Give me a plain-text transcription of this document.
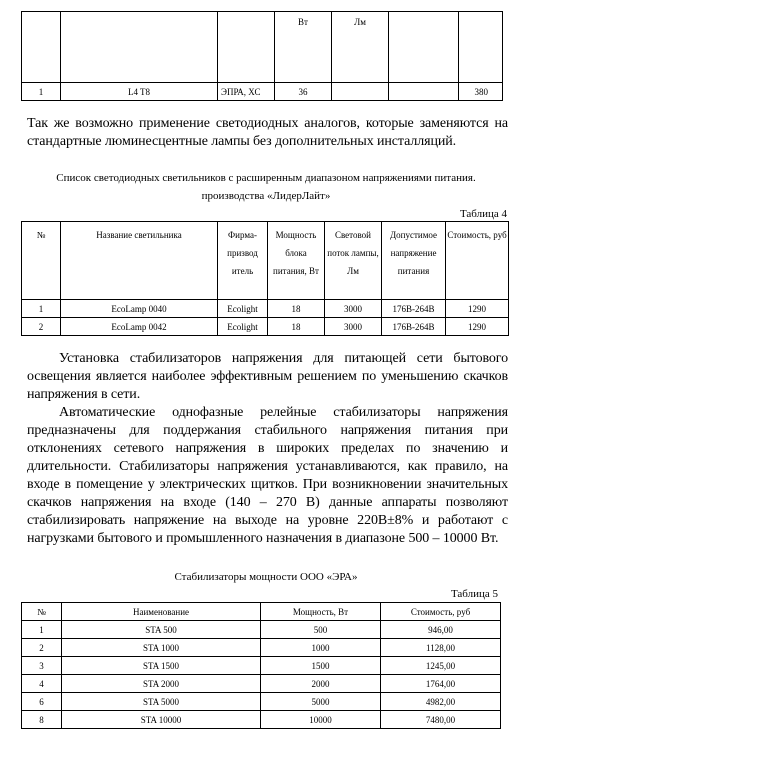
			Вт	Лм		
1	L4 T8	ЭПРА, ХС	36			380
Так же возможно применение светодиодных аналогов, которые заменяются на стандартные люминесцентные лампы без дополнительных инсталляций.
Список светодиодных светильников с расширенным диапазоном напряжениями питания.
производства «ЛидерЛайт»
Таблица 4
№	Название светильника	Фирма-призвод итель	Мощность блока питания, Вт	Световой поток лампы, Лм	Допустимое напряжение питания	Стоимость, руб
1	EcoLamp 0040	Ecolight	18	3000	176В-264В	1290
2	EcoLamp 0042	Ecolight	18	3000	176В-264В	1290
Установка стабилизаторов напряжения для питающей сети бытового освещения является наиболее эффективным решением по уменьшению скачков напряжения в сети.
Автоматические однофазные релейные стабилизаторы напряжения предназначены для поддержания стабильного напряжения питания при отклонениях сетевого напряжения в широких пределах по значению и длительности. Стабилизаторы напряжения устанавливаются, как правило, на входе в помещение у электрических щитков. При возникновении значительных скачков напряжения на входе (140 – 270 В) данные аппараты позволяют стабилизировать напряжение на выходе на уровне 220В±8% и работают с нагрузками бытового и промышленного назначения в диапазоне 500 – 10000 Вт.
Стабилизаторы мощности ООО «ЭРА»
Таблица 5
№	Наименование	Мощность, Вт	Стоимость, руб
1	STA 500	500	946,00
2	STA 1000	1000	1128,00
3	STA 1500	1500	1245,00
4	STA 2000	2000	1764,00
6	STA 5000	5000	4982,00
8	STA 10000	10000	7480,00
